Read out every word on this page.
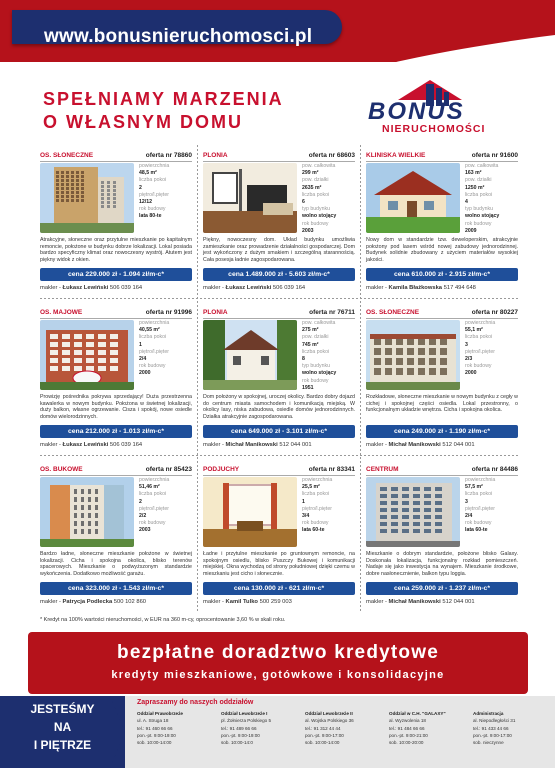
www.bonusnieruchomosci.pl
SPEŁNIAMY MARZENIA
O WŁASNYM DOMU	BONUS
NIERUCHOMOŚCI
OS. SŁONECZNE	oferta nr 78860
powierzchnia
48,5 m²
liczba pokoi
2
piętro/l.pięter
12/12
rok budowy
lata 80-te
Atrakcyjne, słoneczne oraz przytulne mieszkanie po kapitalnym remoncie, położone w budynku dobrze lokalizacji. Lokal posiada bardzo specyficzny klimat oraz nowoczesny wystrój. Atutem jest piękny widok z okien.
cena 229.000 zł - 1.094 zł/m-c*
makler - Łukasz Lewiński 506 039 164
PLONIA	oferta nr 68603
pow. całkowita
299 m²
pow. działki
2635 m²
liczba pokoi
6
typ budynku
wolno stojący
rok budowy
2003
Piękny, nowoczesny dom. Układ budynku umożliwia zamieszkanie oraz prowadzenie działalności gospodarczej. Dom jest wykończony z dużym smakiem i szczególną starannością. Cała posesja ładnie zagospodarowana.
cena 1.489.000 zł - 5.603 zł/m-c*
makler - Łukasz Lewiński 506 039 164
KLINISKA WIELKIE	oferta nr 91600
pow. całkowita
163 m²
pow. działki
1250 m²
liczba pokoi
4
typ budynku
wolno stojący
rok budowy
2009
Nowy dom w standardzie tzw. deweloperskim, atrakcyjnie położony pod lasem wśród nowej zabudowy jednorodzinnej. Budynek solidnie zbudowany z użyciem materiałów wysokiej jakości.
cena 610.000 zł - 2.915 zł/m-c*
makler - Kamila Błażkowska 517 494 648
OS. MAJOWE	oferta nr 91996
powierzchnia
40,55 m²
liczba pokoi
1
piętro/l.pięter
2/4
rok budowy
2000
Prowizję pośrednika pokrywa sprzedający! Duża przestrzenna kawalerka w nowym budynku. Położona w świetnej lokalizacji, duży balkon, własne ogrzewanie. Cisza i spokój, nowe osiedle domów wielorodzinnych.
cena 212.000 zł - 1.013 zł/m-c*
makler - Łukasz Lewiński 506 039 164
PLONIA	oferta nr 76711
pow. całkowita
275 m²
pow. działki
745 m²
liczba pokoi
8
typ budynku
wolno stojący
rok budowy
1951
Dom położony w spokojnej, uroczej okolicy. Bardzo dobry dojazd do centrum miasta samochodem i komunikacją miejską. W okolicy lasy, niska zabudowa, osiedle domów jednorodzinnych. Działka atrakcyjnie zagospodarowana.
cena 649.000 zł - 3.101 zł/m-c*
makler - Michał Manikowski 512 044 001
OS. SŁONECZNE	oferta nr 80227
powierzchnia
55,1 m²
liczba pokoi
3
piętro/l.pięter
2/3
rok budowy
2000
Rozkładowe, słoneczne mieszkanie w nowym budynku z cegły w cichej i spokojnej części osiedla. Lokal przestronny, o funkcjonalnym układzie wnętrza. Cicha i spokojna okolica.
cena 249.000 zł - 1.190 zł/m-c*
makler - Michał Manikowski 512 044 001
OS. BUKOWE	oferta nr 85423
powierzchnia
51,46 m²
liczba pokoi
2
piętro/l.pięter
2/2
rok budowy
2003
Bardzo ładne, słoneczne mieszkanie położone w świetnej lokalizacji. Cicha i spokojna okolica, blisko terenów spacerowych. Mieszkanie o podwyższonym standardzie wykończenia. Dodatkowo możliwość garażu.
cena 323.000 zł - 1.543 zł/m-c*
makler - Patrycja Podlecka 500 102 860
PODJUCHY	oferta nr 83341
powierzchnia
25,5 m²
liczba pokoi
1
piętro/l.pięter
3/4
rok budowy
lata 60-te
Ładne i przytulne mieszkanie po gruntownym remoncie, na spokojnym osiedlu, blisko Puszczy Bukowej i komunikacji miejskiej. Okna wychodzą od strony południowej dzięki czemu w mieszkaniu jest cicho i słonecznie.
cena 130.000 zł - 621 zł/m-c*
makler - Kamil Tulko 500 259 003
CENTRUM	oferta nr 84486
powierzchnia
57,5 m²
liczba pokoi
3
piętro/l.pięter
2/4
rok budowy
lata 60-te
Mieszkanie o dobrym standardzie, położone blisko Galaxy. Doskonała lokalizacja, funkcjonalny rozkład pomieszczeń. Nadaje się jako inwestycja na wynajem. Mieszkanie środkowe, dobre nasłonecznienie, balkon typu loggia.
cena 259.000 zł - 1.237 zł/m-c*
makler - Michał Manikowski 512 044 001
* Kredyt na 100% wartości nieruchomości, w EUR na 360 m-cy, oprocentowanie 3,60 % w skali roku.
bezpłatne doradztwo kredytowe
kredyty mieszkaniowe, gotówkowe i konsolidacyjne
JESTEŚMY
NA
I PIĘTRZE
Zapraszamy do naszych oddziałów
Oddział Prawobrzeże
ul. A. Struga 18
tel.: 91 460 66 66
pon.-pt. 9:00-19:00
sob. 10:00-14:00
Oddział Lewobrzeże I
pl. Żołnierza Polskiego 5
tel.: 91 489 66 66
pon.-pt. 9:00-19:00
sob. 10:00-14:0
Oddział Lewobrzeże II
al. Wojska Polskiego 36
tel.: 91 312 44 44
pon.-pt. 9:00-17:00
sob. 10:00-14:00
Oddział w C.H. "GALAXY"
al. Wyzwolenia 18
tel.: 91 484 66 66
pon.-pt. 9:00-21:00
sob. 10:00-20:00
Administracja
al. Niepodległości 31
tel.: 91 433 44 66
pon.-pt. 9:00-17:00
sob. nieczynne
